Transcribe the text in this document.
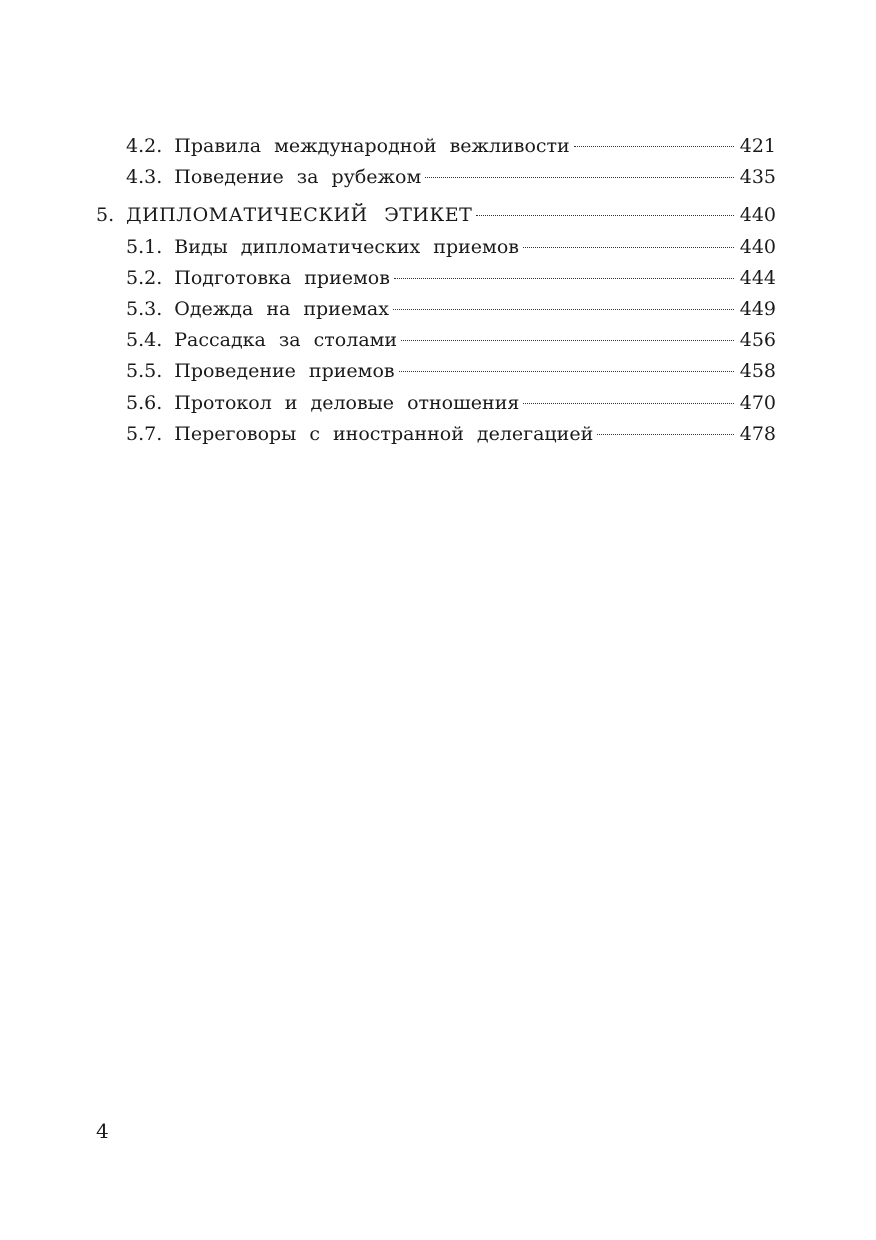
4.2. Правила международной вежливости	421
4.3. Поведение за рубежом	435
5. ДИПЛОМАТИЧЕСКИЙ ЭТИКЕТ	440
5.1. Виды дипломатических приемов	440
5.2. Подготовка приемов	444
5.3. Одежда на приемах	449
5.4. Рассадка за столами	456
5.5. Проведение приемов	458
5.6. Протокол и деловые отношения	470
5.7. Переговоры с иностранной делегацией	478
4
